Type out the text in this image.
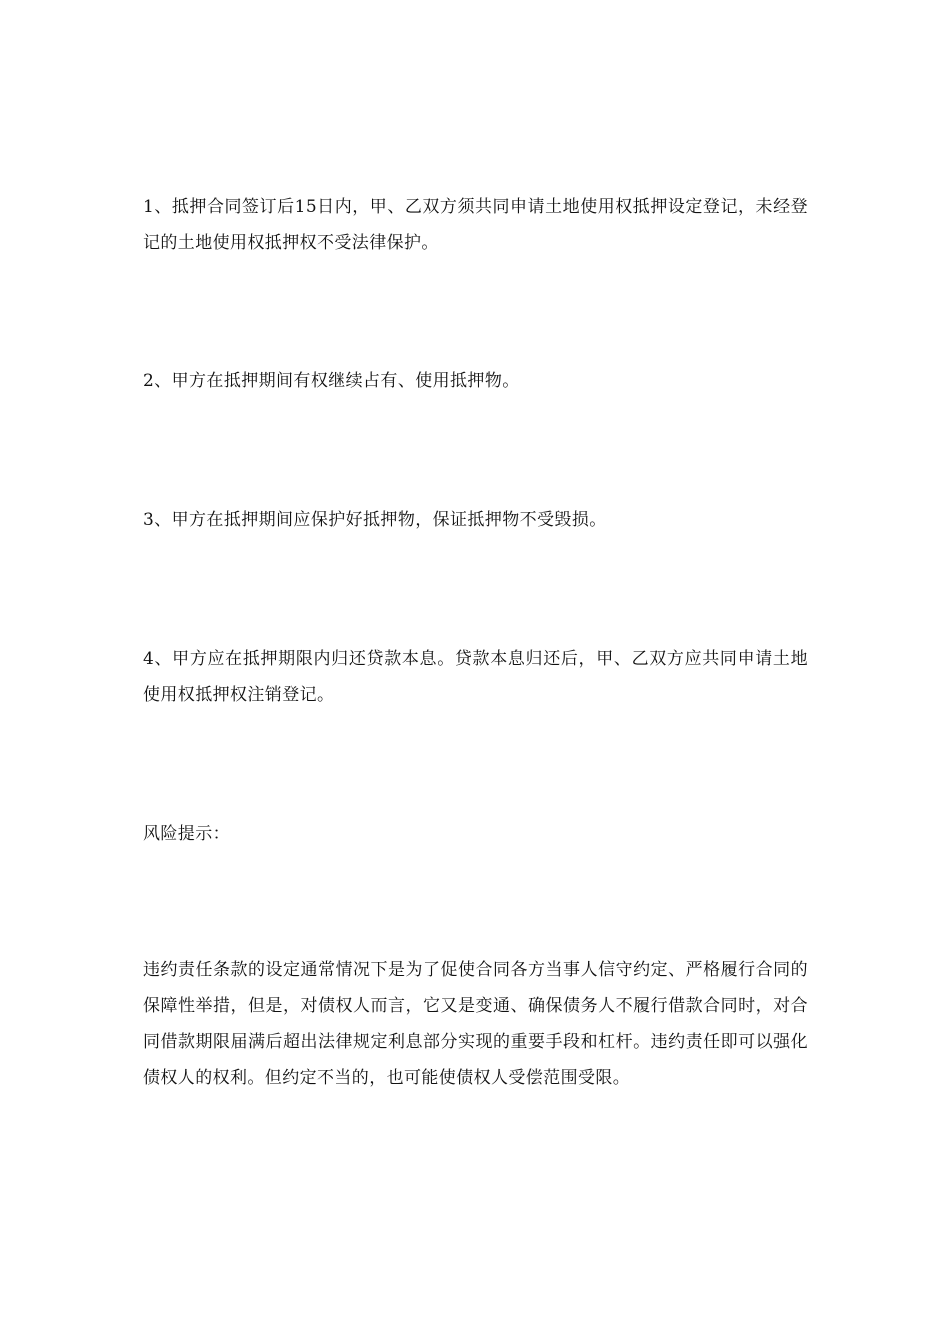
1、抵押合同签订后15日内，甲、乙双方须共同申请土地使用权抵押设定登记，未经登记的土地使用权抵押权不受法律保护。

2、甲方在抵押期间有权继续占有、使用抵押物。

3、甲方在抵押期间应保护好抵押物，保证抵押物不受毁损。

4、甲方应在抵押期限内归还贷款本息。贷款本息归还后，甲、乙双方应共同申请土地使用权抵押权注销登记。

风险提示：

违约责任条款的设定通常情况下是为了促使合同各方当事人信守约定、严格履行合同的保障性举措，但是，对债权人而言，它又是变通、确保债务人不履行借款合同时，对合同借款期限届满后超出法律规定利息部分实现的重要手段和杠杆。违约责任即可以强化债权人的权利。但约定不当的，也可能使债权人受偿范围受限。
